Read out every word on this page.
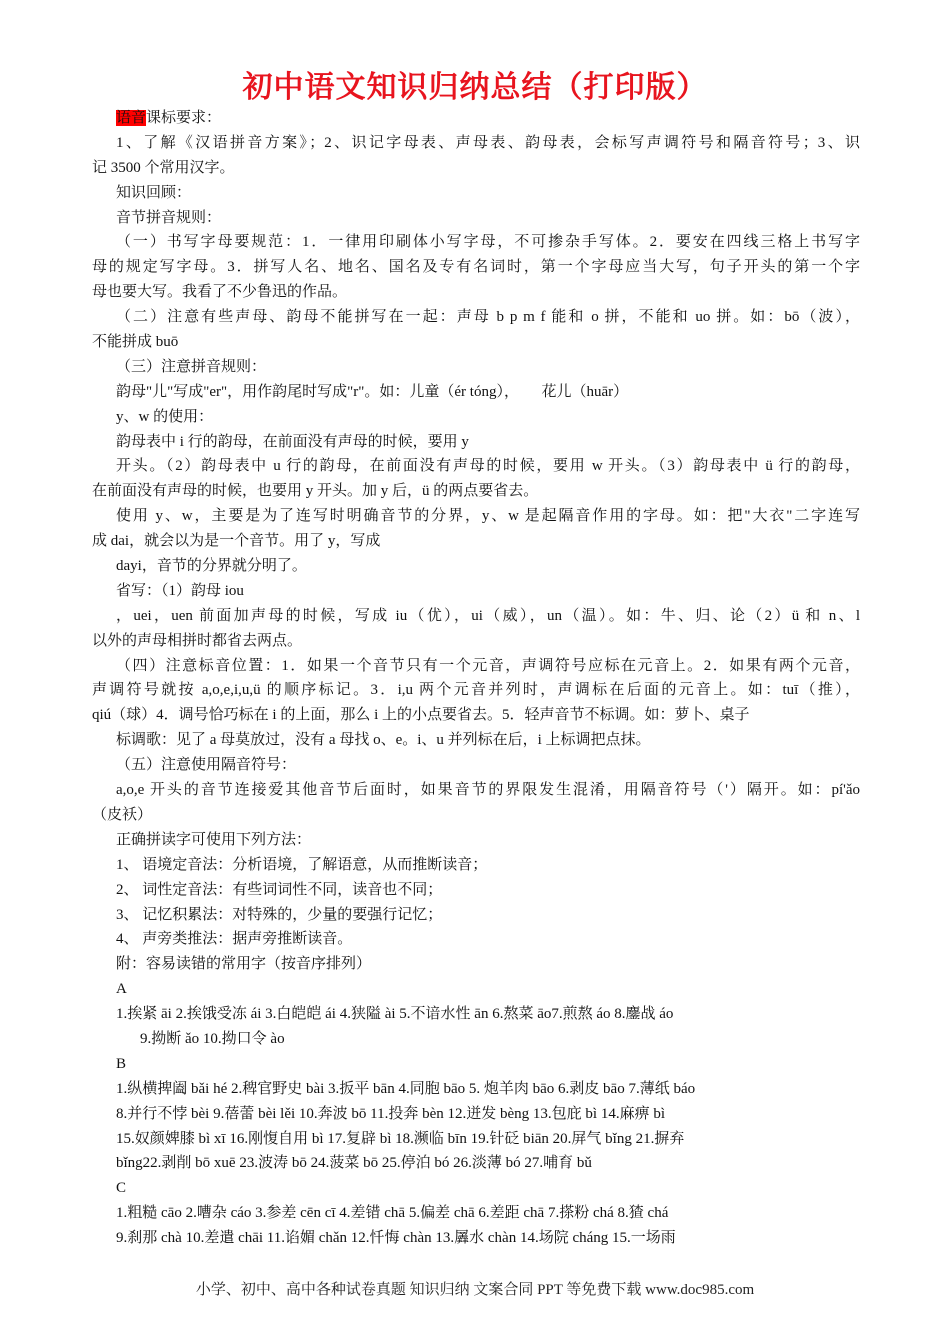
初中语文知识归纳总结（打印版）
语音课标要求：
1、了解《汉语拼音方案》；2、识记字母表、声母表、韵母表，会标写声调符号和隔音符号；3、识
记 3500 个常用汉字。
知识回顾：
音节拼音规则：
（一）书写字母要规范：1．一律用印刷体小写字母，不可掺杂手写体。2．要安在四线三格上书写字
母的规定写字母。3．拼写人名、地名、国名及专有名词时，第一个字母应当大写，句子开头的第一个字
母也要大写。我看了不少鲁迅的作品。
（二）注意有些声母、韵母不能拼写在一起：声母 b p m f 能和 o 拼，不能和 uo 拼。如：bō（波），
不能拼成 buō
（三）注意拼音规则：
韵母"儿"写成"er"，用作韵尾时写成"r"。如：儿童（ér tóng），      花儿（huār）
y、w 的使用：
韵母表中 i 行的韵母，在前面没有声母的时候，要用 y
开头。（2）韵母表中 u 行的韵母，在前面没有声母的时候，要用 w 开头。（3）韵母表中 ü 行的韵母，
在前面没有声母的时候，也要用 y 开头。加 y 后，ü 的两点要省去。
使用 y、w，主要是为了连写时明确音节的分界，y、w 是起隔音作用的字母。如：把"大衣"二字连写
成 dai，就会以为是一个音节。用了 y，写成
dayi，音节的分界就分明了。
省写：（1）韵母 iou
，uei，uen 前面加声母的时候，写成 iu（优），ui（威），un（温）。如：牛、归、论（2）ü 和 n、l
以外的声母相拼时都省去两点。
（四）注意标音位置：1．如果一个音节只有一个元音，声调符号应标在元音上。2．如果有两个元音，
声调符号就按 a,o,e,i,u,ü 的顺序标记。3．i,u 两个元音并列时，声调标在后面的元音上。如：tuī（推），
qiú（球）4．调号恰巧标在 i 的上面，那么 i 上的小点要省去。5．轻声音节不标调。如：萝卜、桌子
标调歌：见了 a 母莫放过，没有 a 母找 o、e。i、u 并列标在后，i 上标调把点抹。
（五）注意使用隔音符号：
a,o,e 开头的音节连接爱其他音节后面时，如果音节的界限发生混淆，用隔音符号（'）隔开。如：pí'ǎo
（皮袄）
正确拼读字可使用下列方法：
1、 语境定音法：分析语境，了解语意，从而推断读音；
2、 词性定音法：有些词词性不同，读音也不同；
3、 记忆积累法：对特殊的，少量的要强行记忆；
4、 声旁类推法：据声旁推断读音。
附：容易读错的常用字（按音序排列）
A
1.挨紧 āi 2.挨饿受冻 ái 3.白皑皑 ái 4.狭隘 ài 5.不谙水性 ān 6.熬菜 āo7.煎熬 áo 8.鏖战 áo
9.拗断 ǎo 10.拗口令 ào
B
1.纵横捭阖 bǎi hé 2.稗官野史 bài 3.扳平 bān 4.同胞 bāo 5. 炮羊肉 bāo 6.剥皮 bāo 7.薄纸 báo
8.并行不悖 bèi 9.蓓蕾 bèi lěi 10.奔波 bō 11.投奔 bèn 12.迸发 bèng 13.包庇 bì 14.麻痹 bì
15.奴颜婢膝 bì xī 16.刚愎自用 bì 17.复辟 bì 18.濒临 bīn 19.针砭 biān 20.屏气 bǐng 21.摒弃
bǐng22.剥削 bō xuē 23.波涛 bō 24.菠菜 bō 25.停泊 bó 26.淡薄 bó 27.哺育 bǔ
C
1.粗糙 cāo 2.嘈杂 cáo 3.参差 cēn cī 4.差错 chā 5.偏差 chā 6.差距 chā 7.搽粉 chá 8.猹 chá
9.刹那 chà 10.差遣 chāi 11.谄媚 chǎn 12.忏悔 chàn 13.羼水 chàn 14.场院 cháng 15.一场雨
小学、初中、高中各种试卷真题 知识归纳 文案合同 PPT 等免费下载 www.doc985.com
